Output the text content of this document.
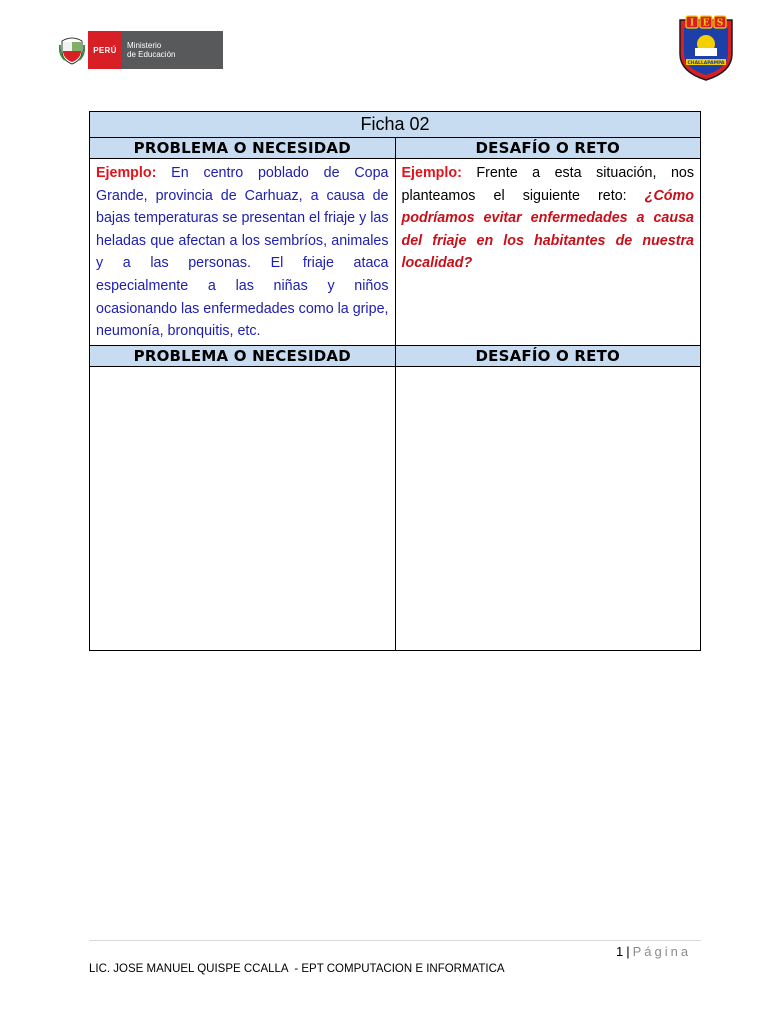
PERÚ	Ministerio
de Educación
I E S
CHALLAPAMPA
Ficha 02	
PROBLEMA O NECESIDAD	DESAFÍO O RETO
Ejemplo: En centro poblado de Copa Grande, provincia de Carhuaz, a causa de bajas temperaturas se presentan el friaje y las heladas que afectan a los sembríos, animales y a las personas. El friaje ataca especialmente a las niñas y niños ocasionando las enfermedades como la gripe, neumonía, bronquitis, etc.	Ejemplo: Frente a esta situación, nos planteamos el siguiente reto: ¿Cómo podríamos evitar enfermedades a causa del friaje en los habitantes de nuestra localidad?
PROBLEMA O NECESIDAD	DESAFÍO O RETO

1 | Página
LIC. JOSE MANUEL QUISPE CCALLA  - EPT COMPUTACION E INFORMATICA
